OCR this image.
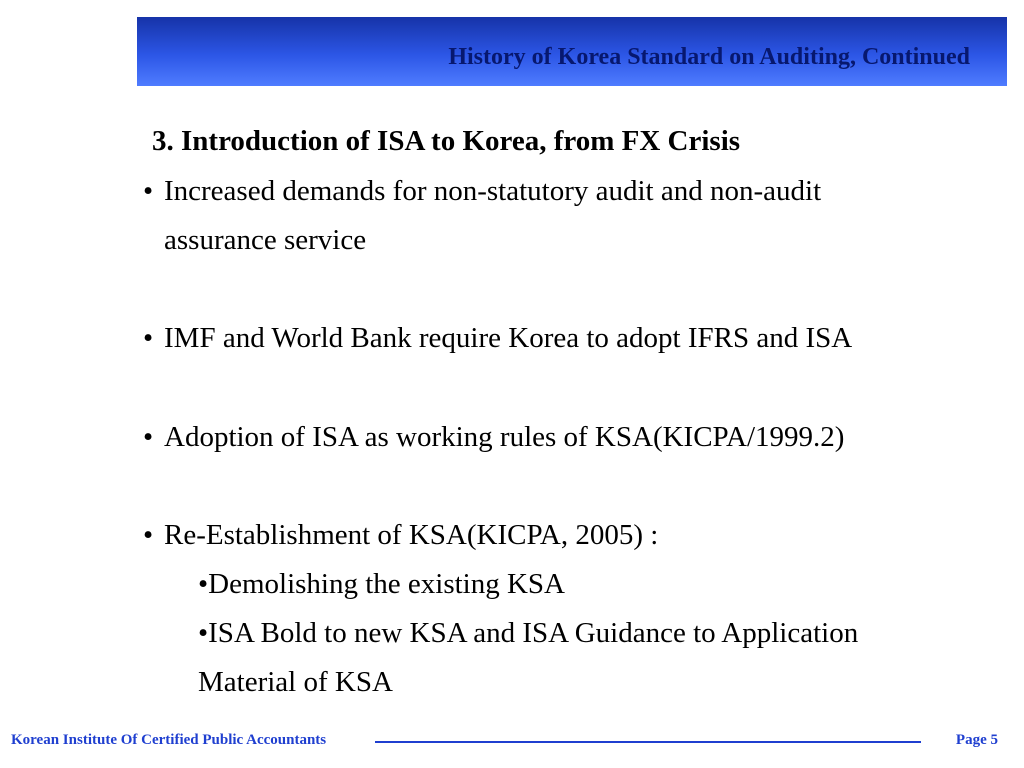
History of Korea Standard on Auditing, Continued
3. Introduction of ISA to Korea, from FX Crisis
• Increased demands for non-statutory audit and non-audit
assurance service
• IMF and World Bank require Korea to adopt IFRS and ISA
• Adoption of ISA as working rules of KSA(KICPA/1999.2)
• Re-Establishment of KSA(KICPA, 2005) :
•Demolishing the existing KSA
•ISA Bold to new KSA and ISA Guidance to Application
Material of KSA
Korean Institute Of Certified Public Accountants	Page 5
